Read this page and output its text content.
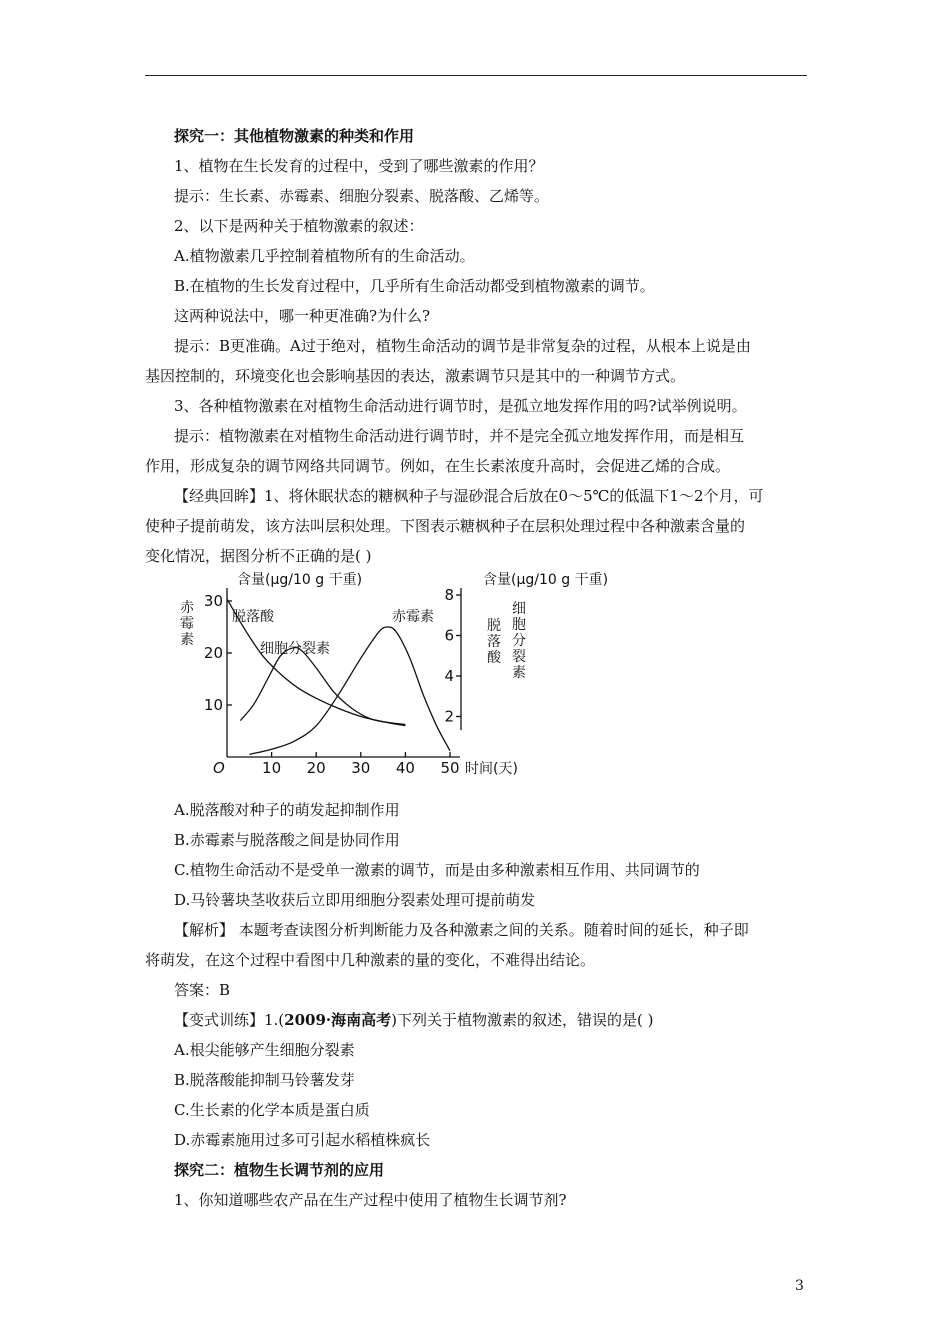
探究一：其他植物激素的种类和作用
1、植物在生长发育的过程中，受到了哪些激素的作用？
提示：生长素、赤霉素、细胞分裂素、脱落酸、乙烯等。
2、以下是两种关于植物激素的叙述：
A.植物激素几乎控制着植物所有的生命活动。
B.在植物的生长发育过程中，几乎所有生命活动都受到植物激素的调节。
这两种说法中，哪一种更准确?为什么?
提示：B更准确。A过于绝对，植物生命活动的调节是非常复杂的过程，从根本上说是由
基因控制的，环境变化也会影响基因的表达，激素调节只是其中的一种调节方式。
3、各种植物激素在对植物生命活动进行调节时，是孤立地发挥作用的吗?试举例说明。
提示：植物激素在对植物生命活动进行调节时，并不是完全孤立地发挥作用，而是相互
作用，形成复杂的调节网络共同调节。例如，在生长素浓度升高时，会促进乙烯的合成。
【经典回眸】1、将休眠状态的糖枫种子与湿砂混合后放在0～5℃的低温下1～2个月，可
使种子提前萌发，该方法叫层积处理。下图表示糖枫种子在层积处理过程中各种激素含量的
变化情况，据图分析不正确的是( )
10
20
30
2
4
6
8
10 20 30 40 50
含量(μg/10 g 干重)	含量(μg/10 g 干重)
赤
霉
素
脱
落
酸
细
胞
分
裂
素
O	时间(天)
脱落酸
细胞分裂素
赤霉素
A.脱落酸对种子的萌发起抑制作用
B.赤霉素与脱落酸之间是协同作用
C.植物生命活动不是受单一激素的调节，而是由多种激素相互作用、共同调节的
D.马铃薯块茎收获后立即用细胞分裂素处理可提前萌发
【解析】 本题考查读图分析判断能力及各种激素之间的关系。随着时间的延长，种子即
将萌发，在这个过程中看图中几种激素的量的变化，不难得出结论。
答案：B
【变式训练】1.(2009·海南高考)下列关于植物激素的叙述，错误的是( )
A.根尖能够产生细胞分裂素
B.脱落酸能抑制马铃薯发芽
C.生长素的化学本质是蛋白质
D.赤霉素施用过多可引起水稻植株疯长
探究二：植物生长调节剂的应用
1、你知道哪些农产品在生产过程中使用了植物生长调节剂?
3
